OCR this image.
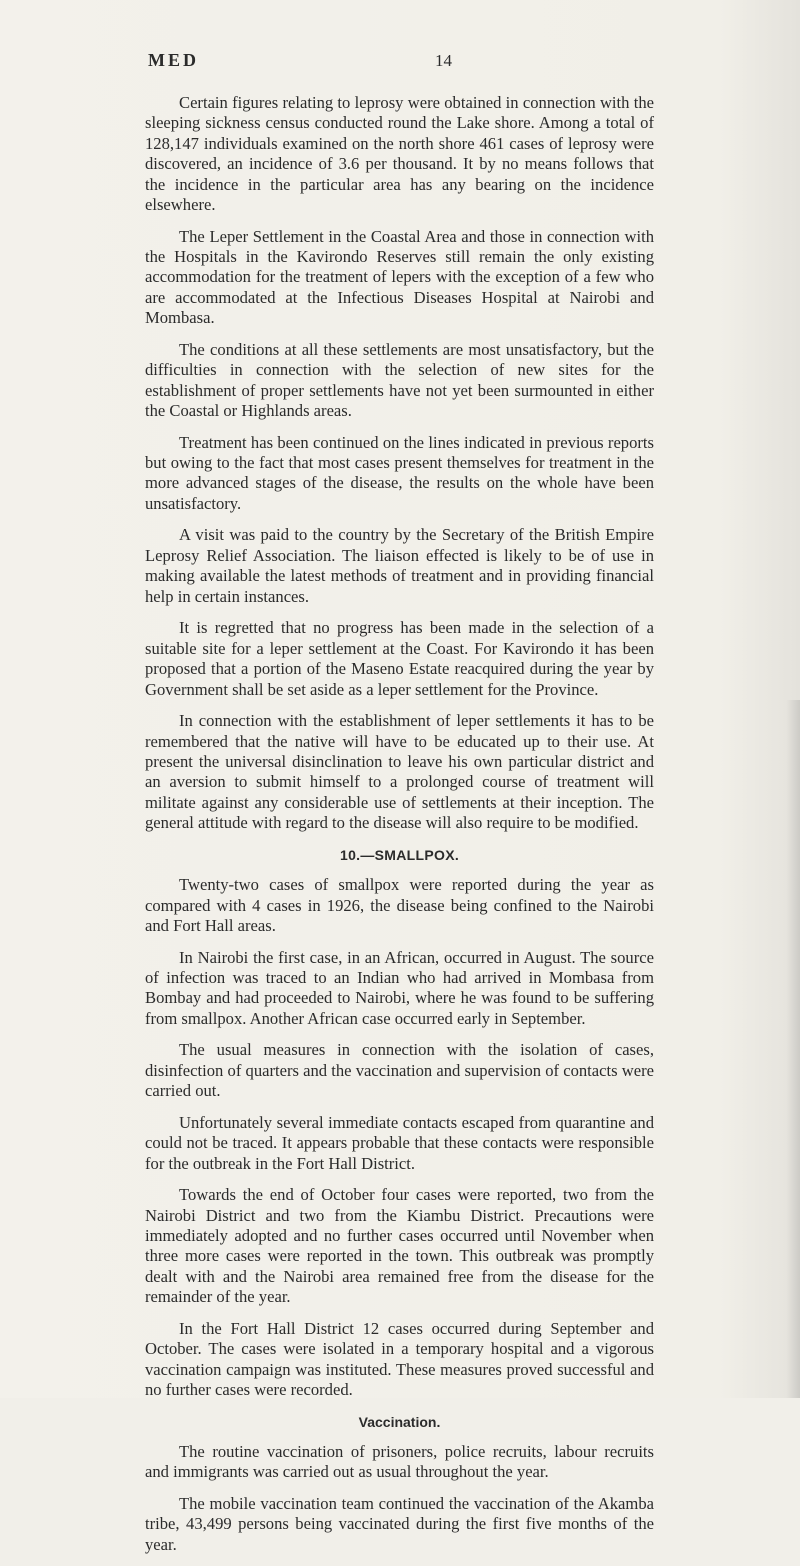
MED	14

Certain figures relating to leprosy were obtained in connection with the sleeping sickness census conducted round the Lake shore. Among a total of 128,147 individuals examined on the north shore 461 cases of leprosy were discovered, an incidence of 3.6 per thousand. It by no means follows that the incidence in the particular area has any bearing on the incidence elsewhere.

The Leper Settlement in the Coastal Area and those in connection with the Hospitals in the Kavirondo Reserves still remain the only existing accommodation for the treatment of lepers with the exception of a few who are accommodated at the Infectious Diseases Hospital at Nairobi and Mombasa.

The conditions at all these settlements are most unsatisfactory, but the difficulties in connection with the selection of new sites for the establishment of proper settlements have not yet been surmounted in either the Coastal or Highlands areas.

Treatment has been continued on the lines indicated in previous reports but owing to the fact that most cases present themselves for treatment in the more advanced stages of the disease, the results on the whole have been unsatisfactory.

A visit was paid to the country by the Secretary of the British Empire Leprosy Relief Association. The liaison effected is likely to be of use in making available the latest methods of treatment and in providing financial help in certain instances.

It is regretted that no progress has been made in the selection of a suitable site for a leper settlement at the Coast. For Kavirondo it has been proposed that a portion of the Maseno Estate reacquired during the year by Government shall be set aside as a leper settlement for the Province.

In connection with the establishment of leper settlements it has to be remembered that the native will have to be educated up to their use. At present the universal disinclination to leave his own particular district and an aversion to submit himself to a prolonged course of treatment will militate against any considerable use of settlements at their inception. The general attitude with regard to the disease will also require to be modified.

10.—SMALLPOX.

Twenty-two cases of smallpox were reported during the year as compared with 4 cases in 1926, the disease being confined to the Nairobi and Fort Hall areas.

In Nairobi the first case, in an African, occurred in August. The source of infection was traced to an Indian who had arrived in Mombasa from Bombay and had proceeded to Nairobi, where he was found to be suffering from smallpox. Another African case occurred early in September.

The usual measures in connection with the isolation of cases, disinfection of quarters and the vaccination and supervision of contacts were carried out.

Unfortunately several immediate contacts escaped from quarantine and could not be traced. It appears probable that these contacts were responsible for the outbreak in the Fort Hall District.

Towards the end of October four cases were reported, two from the Nairobi District and two from the Kiambu District. Precautions were immediately adopted and no further cases occurred until November when three more cases were reported in the town. This outbreak was promptly dealt with and the Nairobi area remained free from the disease for the remainder of the year.

In the Fort Hall District 12 cases occurred during September and October. The cases were isolated in a temporary hospital and a vigorous vaccination campaign was instituted. These measures proved successful and no further cases were recorded.

Vaccination.

The routine vaccination of prisoners, police recruits, labour recruits and immigrants was carried out as usual throughout the year.

The mobile vaccination team continued the vaccination of the Akamba tribe, 43,499 persons being vaccinated during the first five months of the year.
